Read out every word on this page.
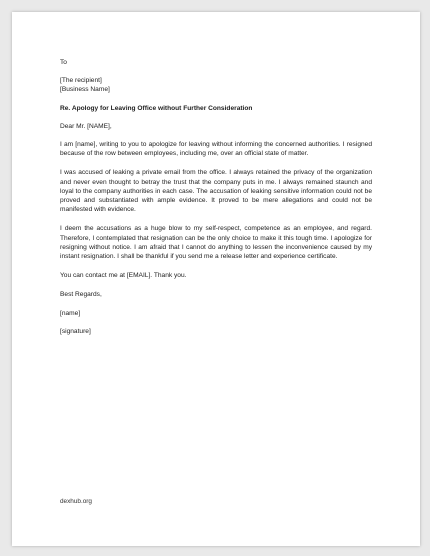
To

[The recipient]

[Business Name]

Re. Apology for Leaving Office without Further Consideration

Dear Mr. [NAME],

I am [name], writing to you to apologize for leaving without informing the concerned authorities. I resigned because of the row between employees, including me, over an official state of matter.

I was accused of leaking a private email from the office. I always retained the privacy of the organization and never even thought to betray the trust that the company puts in me. I always remained staunch and loyal to the company authorities in each case. The accusation of leaking sensitive information could not be proved and substantiated with ample evidence. It proved to be mere allegations and could not be manifested with evidence.

I deem the accusations as a huge blow to my self-respect, competence as an employee, and regard. Therefore, I contemplated that resignation can be the only choice to make it this tough time. I apologize for resigning without notice. I am afraid that I cannot do anything to lessen the inconvenience caused by my instant resignation. I shall be thankful if you send me a release letter and experience certificate.

You can contact me at [EMAIL]. Thank you.

Best Regards,

[name]

[signature]

dexhub.org
